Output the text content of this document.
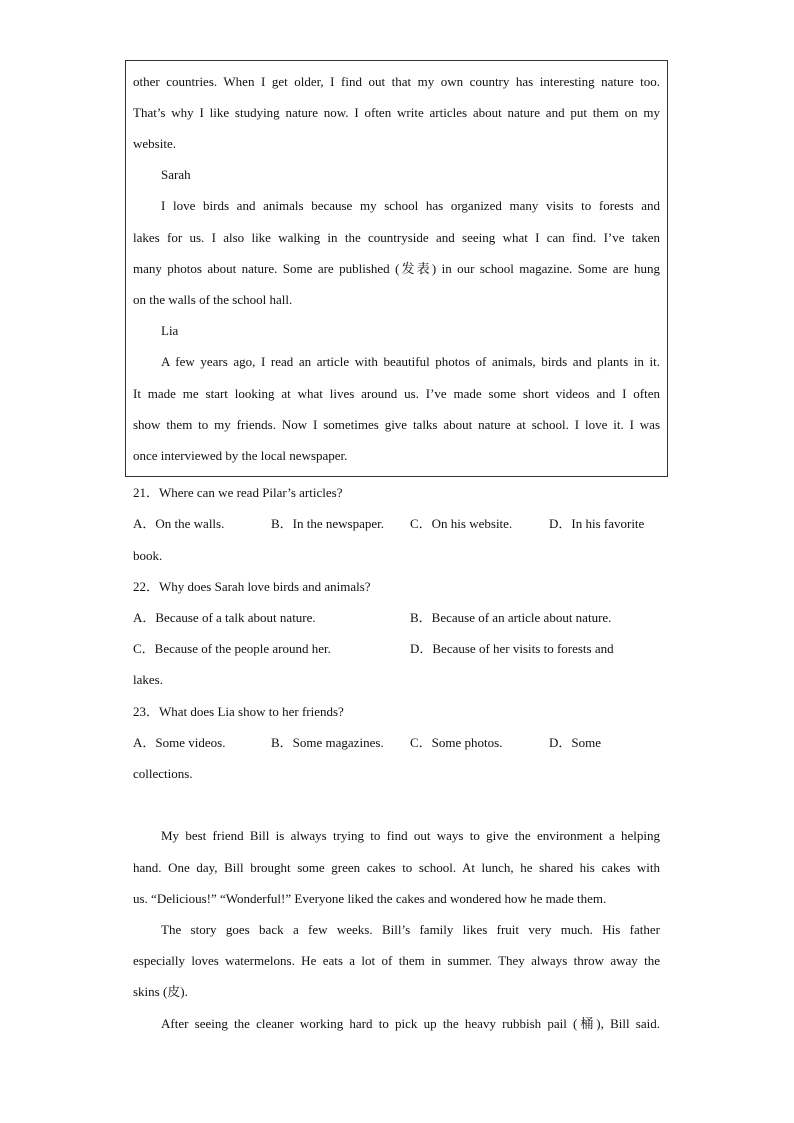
other countries. When I get older, I find out that my own country has interesting nature too.
That’s why I like studying nature now. I often write articles about nature and put them on my
website.
Sarah
I love birds and animals because my school has organized many visits to forests and
lakes for us. I also like walking in the countryside and seeing what I can find. I’ve taken
many photos about nature. Some are published (发表) in our school magazine. Some are hung
on the walls of the school hall.
Lia
A few years ago, I read an article with beautiful photos of animals, birds and plants in it.
It made me start looking at what lives around us. I’ve made some short videos and I often
show them to my friends. Now I sometimes give talks about nature at school. I love it. I was
once interviewed by the local newspaper.
21．Where can we read Pilar’s articles?
A．On the walls.	B．In the newspaper. C．On his website.	D．In his favorite
book.
22．Why does Sarah love birds and animals?
A．Because of a talk about nature.	B．Because of an article about nature.
C．Because of the people around her.	D．Because of her visits to forests and
lakes.
23．What does Lia show to her friends?
A．Some videos.	B．Some magazines. C．Some photos.	D．Some
collections.
My best friend Bill is always trying to find out ways to give the environment a helping
hand. One day, Bill brought some green cakes to school. At lunch, he shared his cakes with
us. “Delicious!” “Wonderful!” Everyone liked the cakes and wondered how he made them.
The story goes back a few weeks. Bill’s family likes fruit very much. His father
especially loves watermelons. He eats a lot of them in summer. They always throw away the
skins (皮).
After seeing the cleaner working hard to pick up the heavy rubbish pail (桶), Bill said.
